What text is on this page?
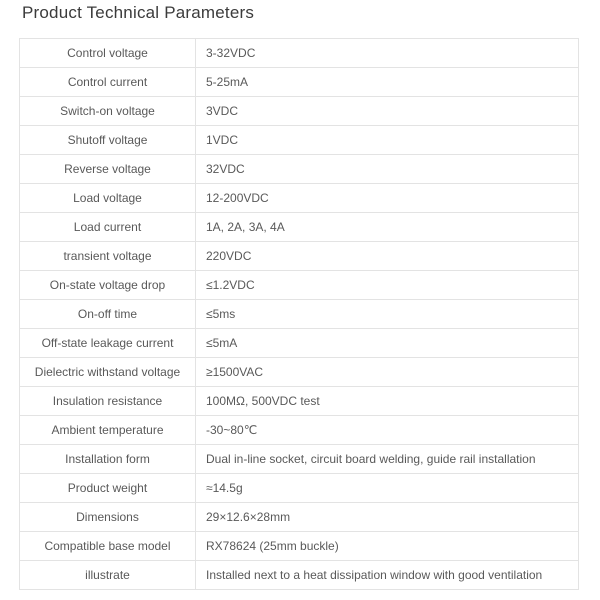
Product Technical Parameters
Control voltage	3-32VDC
Control current	5-25mA
Switch-on voltage	3VDC
Shutoff voltage	1VDC
Reverse voltage	32VDC
Load voltage	12-200VDC
Load current	1A, 2A, 3A, 4A
transient voltage	220VDC
On-state voltage drop	≤1.2VDC
On-off time	≤5ms
Off-state leakage current	≤5mA
Dielectric withstand voltage	≥1500VAC
Insulation resistance	100MΩ, 500VDC test
Ambient temperature	-30~80℃
Installation form	Dual in-line socket, circuit board welding, guide rail installation
Product weight	≈14.5g
Dimensions	29×12.6×28mm
Compatible base model	RX78624 (25mm buckle)
illustrate	Installed next to a heat dissipation window with good ventilation
